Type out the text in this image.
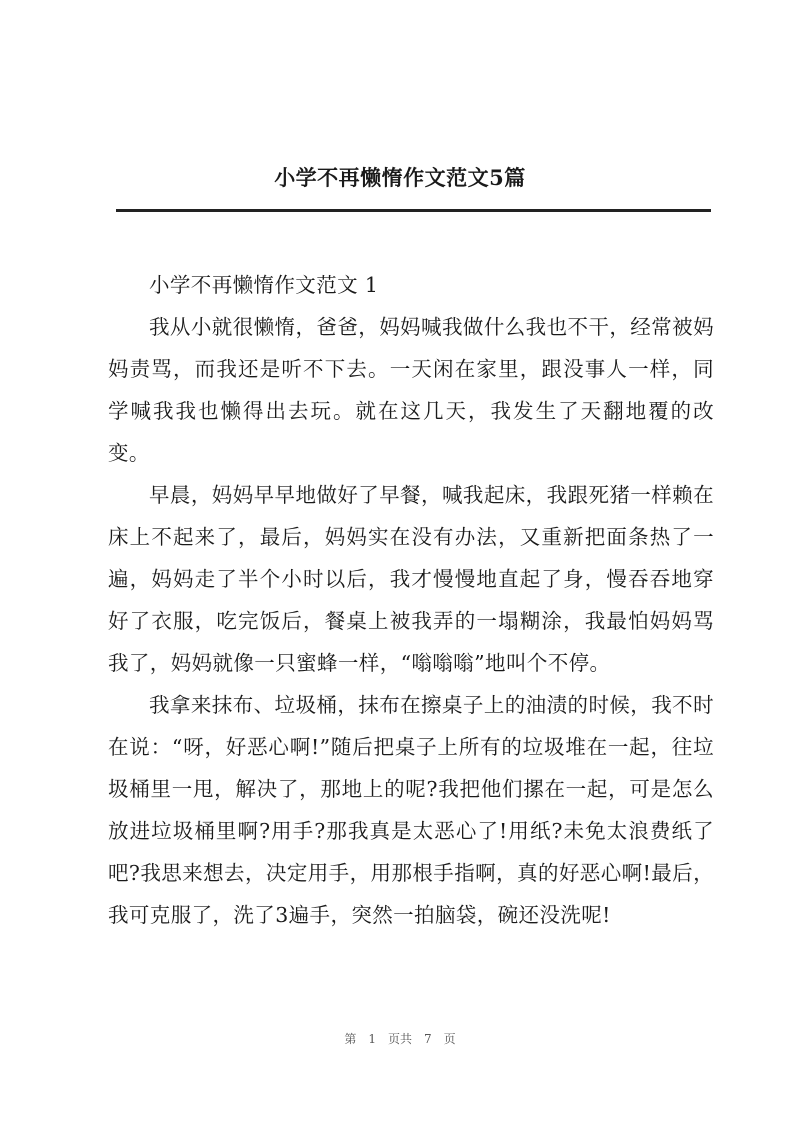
小学不再懒惰作文范文5篇

小学不再懒惰作文范文 1

我从小就很懒惰，爸爸，妈妈喊我做什么我也不干，经常被妈妈责骂，而我还是听不下去。一天闲在家里，跟没事人一样，同学喊我我也懒得出去玩。就在这几天，我发生了天翻地覆的改变。

早晨，妈妈早早地做好了早餐，喊我起床，我跟死猪一样赖在床上不起来了，最后，妈妈实在没有办法，又重新把面条热了一遍，妈妈走了半个小时以后，我才慢慢地直起了身，慢吞吞地穿好了衣服，吃完饭后，餐桌上被我弄的一塌糊涂，我最怕妈妈骂我了，妈妈就像一只蜜蜂一样，“嗡嗡嗡”地叫个不停。

我拿来抹布、垃圾桶，抹布在擦桌子上的油渍的时候，我不时在说：“呀，好恶心啊!”随后把桌子上所有的垃圾堆在一起，往垃圾桶里一甩，解决了，那地上的呢?我把他们摞在一起，可是怎么放进垃圾桶里啊?用手?那我真是太恶心了!用纸?未免太浪费纸了吧?我思来想去，决定用手，用那根手指啊，真的好恶心啊!最后，我可克服了，洗了3遍手，突然一拍脑袋，碗还没洗呢!

第 1 页共 7 页
